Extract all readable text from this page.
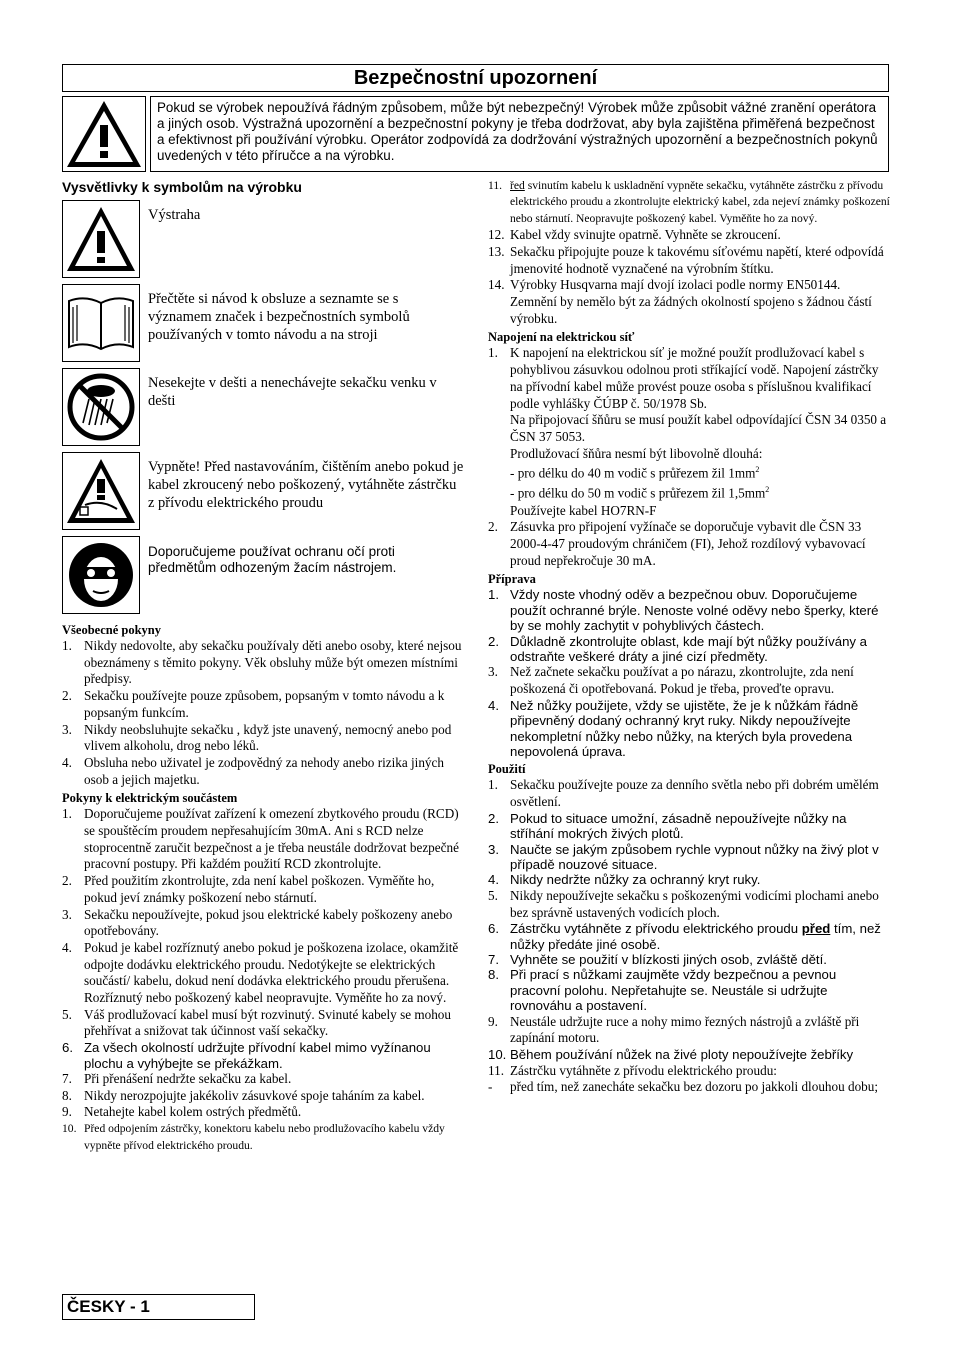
Bezpečnostní upozornení
Pokud se výrobek nepoužívá řádným způsobem, může být nebezpečný! Výrobek může způsobit vážné zranění operátora a jiných osob. Výstražná upozornění a bezpečnostní pokyny je třeba dodržovat, aby byla zajištěna přiměřená bezpečnost a efektivnost při používání výrobku. Operátor zodpovídá za dodržování výstražných upozornění a bezpečnostních pokynů uvedených v této příručce a na výrobku.
Vysvětlivky k symbolům na výrobku
Výstraha
Přečtěte si návod k obsluze a seznamte se s významem značek i bezpečnostních symbolů používaných v tomto návodu a na stroji
Nesekejte v dešti a nenechávejte sekačku venku v dešti
Vypněte! Před nastavováním, čištěním anebo pokud je kabel zkroucený nebo poškozený, vytáhněte zástrčku z přívodu elektrického proudu
Doporučujeme používat ochranu očí proti předmětům odhozeným žacím nástrojem.
Všeobecné pokyny
1. Nikdy nedovolte, aby sekačku používaly děti anebo osoby, které nejsou obeznámeny s těmito pokyny. Věk obsluhy může být omezen místními předpisy.
2. Sekačku používejte pouze způsobem, popsaným v tomto návodu a k popsaným funkcím.
3. Nikdy neobsluhujte sekačku , když jste unavený, nemocný anebo pod vlivem alkoholu, drog nebo léků.
4. Obsluha nebo uživatel je zodpovědný za nehody anebo rizika jiných osob a jejich majetku.
Pokyny k elektrickým součástem
1. Doporučujeme používat zařízení k omezení zbytkového proudu (RCD) se spouštěcím proudem nepřesahujícím 30mA. Ani s RCD nelze stoprocentně zaručit bezpečnost a je třeba neustále dodržovat bezpečné pracovní postupy. Při každém použití RCD zkontrolujte.
2. Před použitím zkontrolujte, zda není kabel poškozen. Vyměňte ho, pokud jeví známky poškození nebo stárnutí.
3. Sekačku nepoužívejte, pokud jsou elektrické kabely poškozeny anebo opotřebovány.
4. Pokud je kabel rozříznutý anebo pokud je poškozena izolace, okamžitě odpojte dodávku elektrického proudu. Nedotýkejte se elektrických součástí/ kabelu, dokud není dodávka elektrického proudu přerušena. Rozříznutý nebo poškozený kabel neopravujte. Vyměňte ho za nový.
5. Váš prodlužovací kabel musí být rozvinutý. Svinuté kabely se mohou přehřívat a snižovat tak účinnost vaší sekačky.
6. Za všech okolností udržujte přívodní kabel mimo vyžínanou plochu a vyhýbejte se překážkam.
7. Při přenášení nedržte sekačku za kabel.
8. Nikdy nerozpojujte jakékoliv zásuvkové spoje taháním za kabel.
9. Netahejte kabel kolem ostrých předmětů.
10. Před odpojením zástrčky, konektoru kabelu nebo prodlužovacího kabelu vždy vypněte přívod elektrického proudu.
11. řed svinutím kabelu k uskladnění vypněte sekačku, vytáhněte zástrčku z přívodu elektrického proudu a zkontrolujte elektrický kabel, zda nejeví známky poškození nebo stárnutí. Neopravujte poškozený kabel. Vyměňte ho za nový.
12. Kabel vždy svinujte opatrně. Vyhněte se zkroucení.
13. Sekačku připojujte pouze k takovému síťovému napětí, které odpovídá jmenovité hodnotě vyznačené na výrobním štítku.
14. Výrobky Husqvarna mají dvojí izolaci podle normy EN50144. Zemnění by nemělo být za žádných okolností spojeno s žádnou částí výrobku.
Napojení na elektrickou síť
1. K napojení na elektrickou síť je možné použít prodlužovací kabel s pohyblivou zásuvkou odolnou proti stříkající vodě. Napojení zástrčky na přívodní kabel může provést pouze osoba s příslušnou kvalifikací podle vyhlášky ČÚBP č. 50/1978 Sb.
Na připojovací šňůru se musí použít kabel odpovídající ČSN 34 0350 a ČSN 37 5053.
Prodlužovací šňůra nesmí být libovolně dlouhá:
- pro délku do 40 m vodič s průřezem žil $1mm^2$
- pro délku do 50 m vodič s průřezem žil $1,5mm^2$
Používejte kabel HO7RN-F
2. Zásuvka pro připojení vyžínače se doporučuje vybavit dle ČSN 33 2000-4-47 proudovým chráničem (FI), Jehož rozdílový vybavovací proud nepřekročuje 30 mA.
Příprava
1. Vždy noste vhodný oděv a bezpečnou obuv. Doporučujeme použít ochranné brýle. Nenoste volné oděvy nebo šperky, které by se mohly zachytit v pohyblivých částech.
2. Důkladně zkontrolujte oblast, kde mají být nůžky používány a odstraňte veškeré dráty a jiné cizí předměty.
3. Než začnete sekačku používat a po nárazu, zkontrolujte, zda není poškozená či opotřebovaná. Pokud je třeba, proveďte opravu.
4. Než nůžky použijete, vždy se ujistěte, že je k nůžkám řádně připevněný dodaný ochranný kryt ruky. Nikdy nepoužívejte nekompletní nůžky nebo nůžky, na kterých byla provedena nepovolená úprava.
Použití
1. Sekačku používejte pouze za denního světla nebo při dobrém umělém osvětlení.
2. Pokud to situace umožní, zásadně nepoužívejte nůžky na stříhání mokrých živých plotů.
3. Naučte se jakým způsobem rychle vypnout nůžky na živý plot v případě nouzové situace.
4. Nikdy nedržte nůžky za ochranný kryt ruky.
5. Nikdy nepoužívejte sekačku s poškozenými vodicími plochami anebo bez správně ustavených vodicích ploch.
6. Zástrčku vytáhněte z přívodu elektrického proudu před tím, než nůžky předáte jiné osobě.
7. Vyhněte se použití v blízkosti jiných osob, zvláště dětí.
8. Při prací s nůžkami zaujměte vždy bezpečnou a pevnou pracovní polohu. Nepřetahujte se. Neustále si udržujte rovnováhu a postavení.
9. Neustále udržujte ruce a nohy mimo řezných nástrojů a zvláště při zapínání motoru.
10. Během používání nůžek na živé ploty nepoužívejte žebříky
11. Zástrčku vytáhněte z přívodu elektrického proudu:
- před tím, než zanecháte sekačku bez dozoru po jakkoli dlouhou dobu;
ČESKY - 1
